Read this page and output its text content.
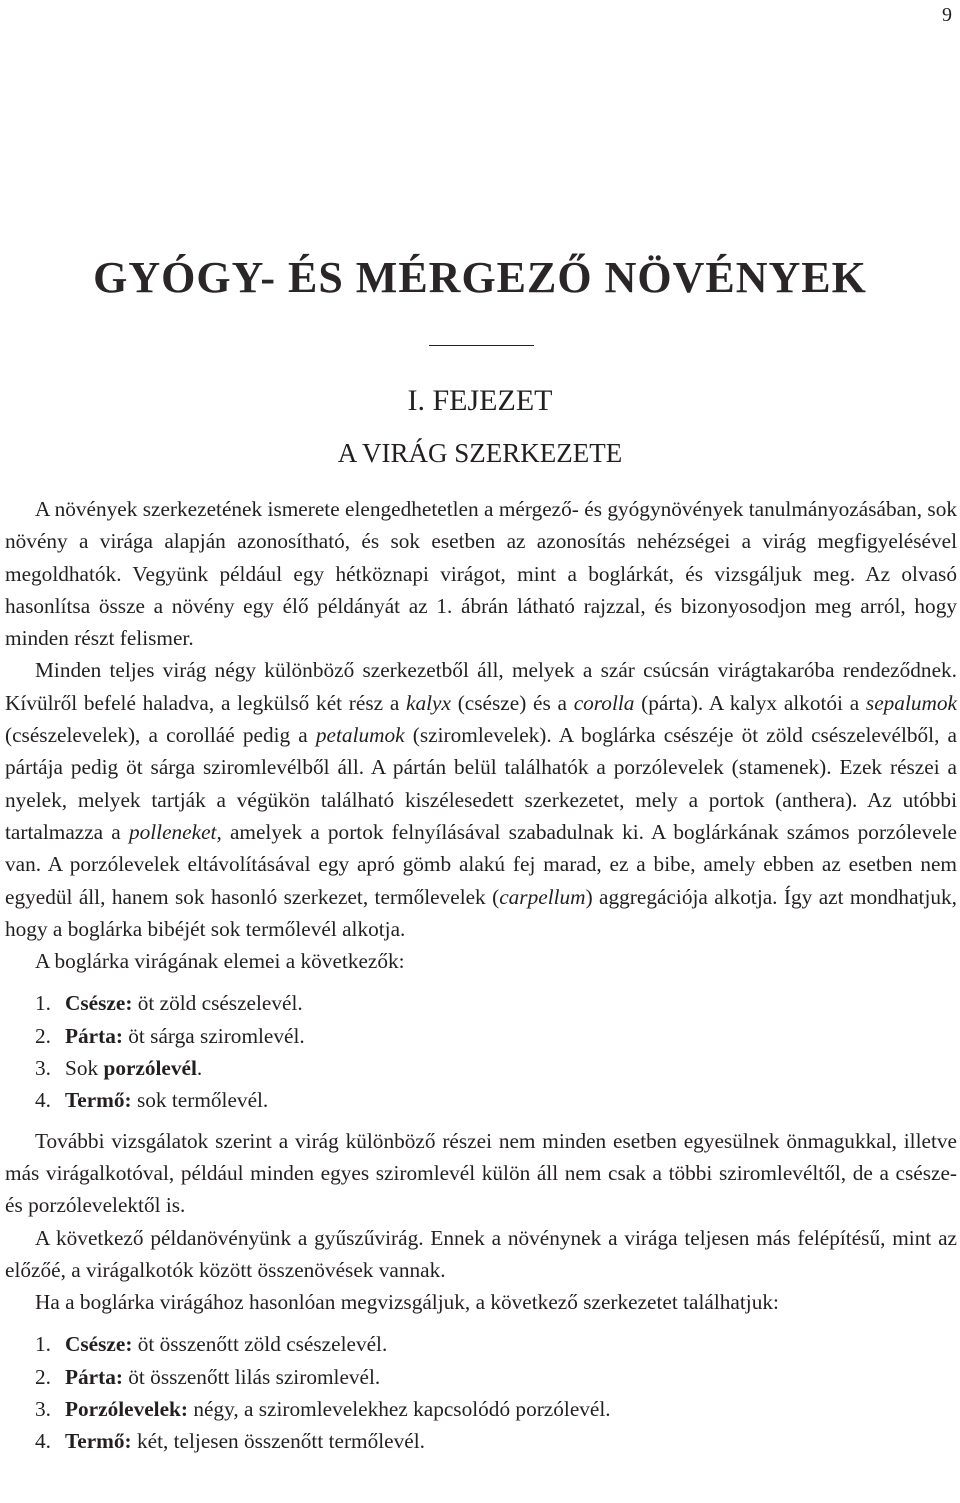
9
GYÓGY- ÉS MÉRGEZŐ NÖVÉNYEK
I. FEJEZET
A VIRÁG SZERKEZETE

A növények szerkezetének ismerete elengedhetetlen a mérgező- és gyógynövények tanulmányozásában, sok növény a virága alapján azonosítható, és sok esetben az azonosítás nehézségei a virág megfigyelésével megoldhatók. Vegyünk például egy hétköznapi virágot, mint a boglárkát, és vizsgáljuk meg. Az olvasó hasonlítsa össze a növény egy élő példányát az 1. ábrán látható rajzzal, és bizonyosodjon meg arról, hogy minden részt felismer.

Minden teljes virág négy különböző szerkezetből áll, melyek a szár csúcsán virágtakaróba rendeződnek. Kívülről befelé haladva, a legkülső két rész a kalyx (csésze) és a corolla (párta). A kalyx alkotói a sepalumok (csészelevelek), a corolláé pedig a petalumok (sziromlevelek). A boglárka csészéje öt zöld csészelevélből, a pártája pedig öt sárga sziromlevélből áll. A pártán belül találhatók a porzólevelek (stamenek). Ezek részei a nyelek, melyek tartják a végükön található kiszélesedett szerkezetet, mely a portok (anthera). Az utóbbi tartalmazza a polleneket, amelyek a portok felnyílásával szabadulnak ki. A boglárkának számos porzólevele van. A porzólevelek eltávolításával egy apró gömb alakú fej marad, ez a bibe, amely ebben az esetben nem egyedül áll, hanem sok hasonló szerkezet, termőlevelek (carpellum) aggregációja alkotja. Így azt mondhatjuk, hogy a boglárka bibéjét sok termőlevél alkotja.

A boglárka virágának elemei a következők:

1. Csésze: öt zöld csészelevél.
2. Párta: öt sárga sziromlevél.
3. Sok porzólevél.
4. Termő: sok termőlevél.

További vizsgálatok szerint a virág különböző részei nem minden esetben egyesülnek önmagukkal, illetve más virágalkotóval, például minden egyes sziromlevél külön áll nem csak a többi sziromlevéltől, de a csésze- és porzólevelektől is.

A következő példanövényünk a gyűszűvirág. Ennek a növénynek a virága teljesen más felépítésű, mint az előzőé, a virágalkotók között összenövések vannak.

Ha a boglárka virágához hasonlóan megvizsgáljuk, a következő szerkezetet találhatjuk:

1. Csésze: öt összenőtt zöld csészelevél.
2. Párta: öt összenőtt lilás sziromlevél.
3. Porzólevelek: négy, a sziromlevelekhez kapcsolódó porzólevél.
4. Termő: két, teljesen összenőtt termőlevél.
